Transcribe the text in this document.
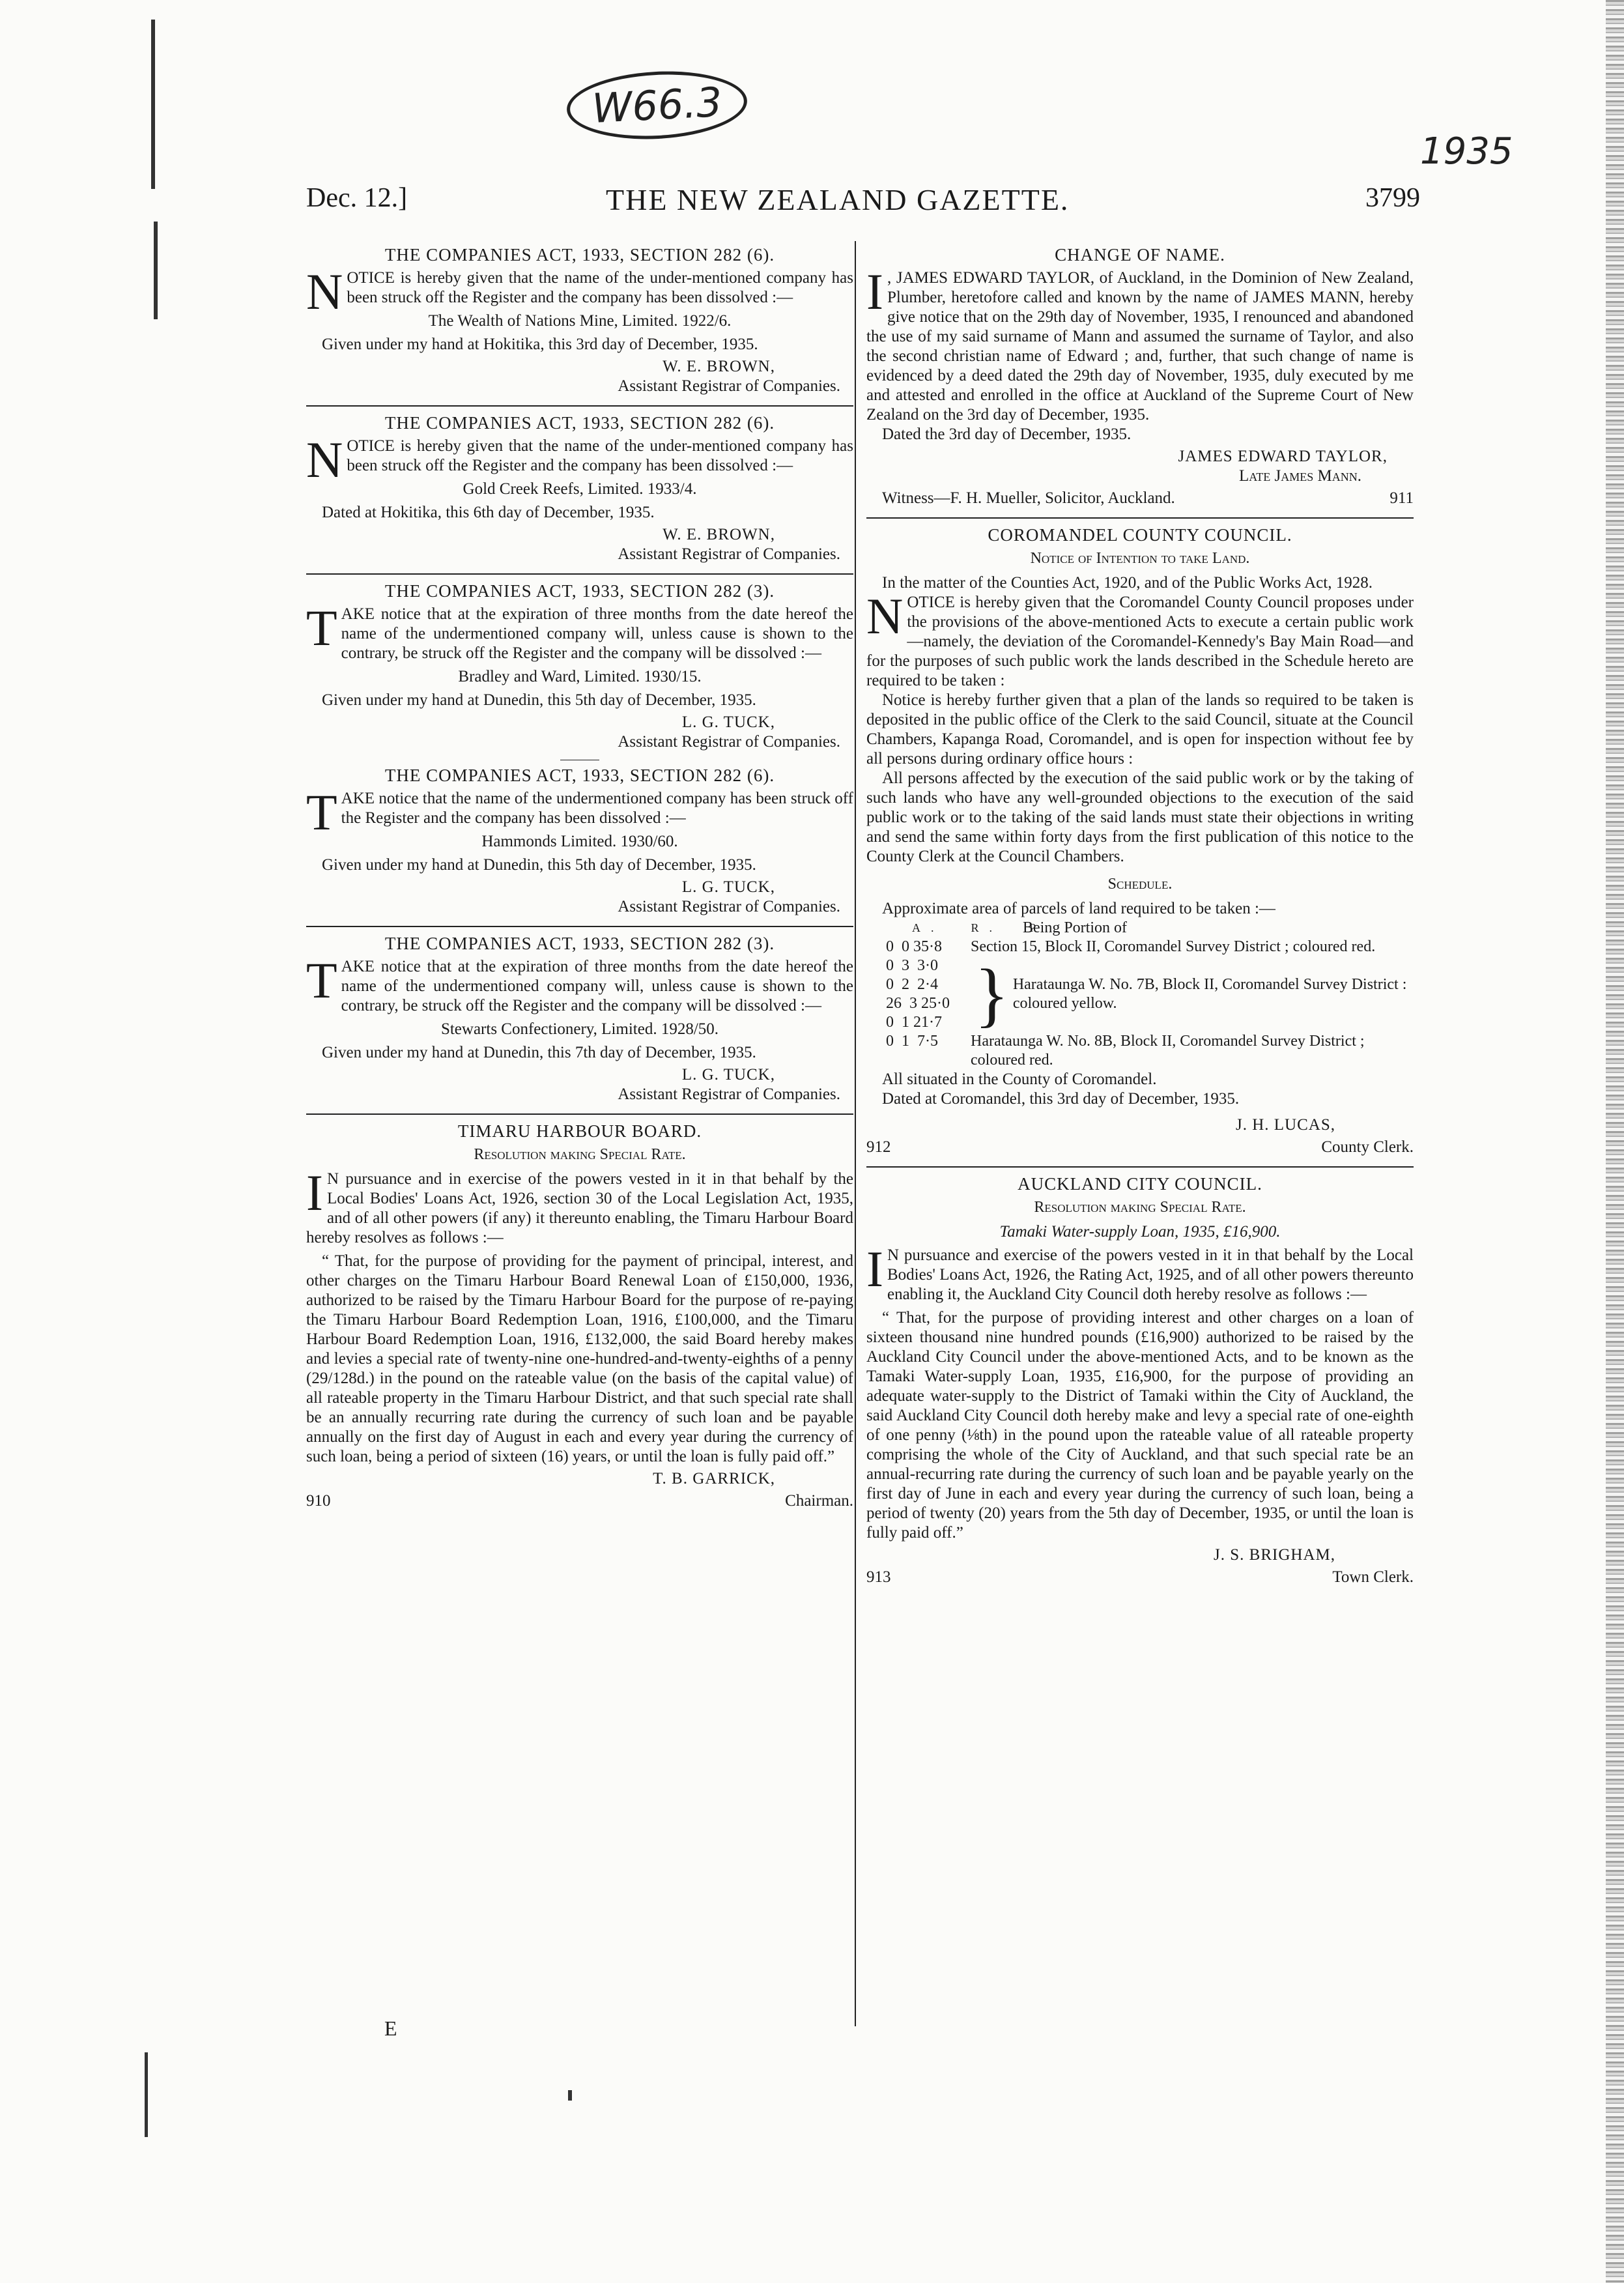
W66.3
1935
Dec. 12.]	THE NEW ZEALAND GAZETTE.	3799
THE COMPANIES ACT, 1933, SECTION 282 (6).

NOTICE is hereby given that the name of the under-mentioned company has been struck off the Register and the company has been dissolved :—

The Wealth of Nations Mine, Limited. 1922/6.

Given under my hand at Hokitika, this 3rd day of December, 1935.

W. E. BROWN,
Assistant Registrar of Companies.
THE COMPANIES ACT, 1933, SECTION 282 (6).

NOTICE is hereby given that the name of the under-mentioned company has been struck off the Register and the company has been dissolved :—

Gold Creek Reefs, Limited. 1933/4.

Dated at Hokitika, this 6th day of December, 1935.

W. E. BROWN,
Assistant Registrar of Companies.
THE COMPANIES ACT, 1933, SECTION 282 (3).

TAKE notice that at the expiration of three months from the date hereof the name of the undermentioned company will, unless cause is shown to the contrary, be struck off the Register and the company will be dissolved :—

Bradley and Ward, Limited. 1930/15.

Given under my hand at Dunedin, this 5th day of December, 1935.

L. G. TUCK,
Assistant Registrar of Companies.
THE COMPANIES ACT, 1933, SECTION 282 (6).

TAKE notice that the name of the undermentioned company has been struck off the Register and the company has been dissolved :—

Hammonds Limited. 1930/60.

Given under my hand at Dunedin, this 5th day of December, 1935.

L. G. TUCK,
Assistant Registrar of Companies.
THE COMPANIES ACT, 1933, SECTION 282 (3).

TAKE notice that at the expiration of three months from the date hereof the name of the undermentioned company will, unless cause is shown to the contrary, be struck off the Register and the company will be dissolved :—

Stewarts Confectionery, Limited. 1928/50.

Given under my hand at Dunedin, this 7th day of December, 1935.

L. G. TUCK,
Assistant Registrar of Companies.
TIMARU HARBOUR BOARD.
Resolution making Special Rate.

I N pursuance and in exercise of the powers vested in it in that behalf by the Local Bodies' Loans Act, 1926, section 30 of the Local Legislation Act, 1935, and of all other powers (if any) it thereunto enabling, the Timaru Harbour Board hereby resolves as follows :—

“ That, for the purpose of providing for the payment of principal, interest, and other charges on the Timaru Harbour Board Renewal Loan of £150,000, 1936, authorized to be raised by the Timaru Harbour Board for the purpose of re-paying the Timaru Harbour Board Redemption Loan, 1916, £100,000, and the Timaru Harbour Board Redemption Loan, 1916, £132,000, the said Board hereby makes and levies a special rate of twenty-nine one-hundred-and-twenty-eighths of a penny (29/128d.) in the pound on the rateable value (on the basis of the capital value) of all rateable property in the Timaru Harbour District, and that such special rate shall be an annually recurring rate during the currency of such loan and be payable annually on the first day of August in each and every year during the currency of such loan, being a period of sixteen (16) years, or until the loan is fully paid off.”

T. B. GARRICK,
910	Chairman.
E
CHANGE OF NAME.

I , JAMES EDWARD TAYLOR, of Auckland, in the Dominion of New Zealand, Plumber, heretofore called and known by the name of JAMES MANN, hereby give notice that on the 29th day of November, 1935, I renounced and abandoned the use of my said surname of Mann and assumed the surname of Taylor, and also the second christian name of Edward ; and, further, that such change of name is evidenced by a deed dated the 29th day of November, 1935, duly executed by me and attested and enrolled in the office at Auckland of the Supreme Court of New Zealand on the 3rd day of December, 1935.

Dated the 3rd day of December, 1935.

JAMES EDWARD TAYLOR,
Late James Mann.
Witness—F. H. Mueller, Solicitor, Auckland.	911
COROMANDEL COUNTY COUNCIL.
Notice of Intention to take Land.

In the matter of the Counties Act, 1920, and of the Public Works Act, 1928.

NOTICE is hereby given that the Coromandel County Council proposes under the provisions of the above-mentioned Acts to execute a certain public work—namely, the deviation of the Coromandel-Kennedy's Bay Main Road—and for the purposes of such public work the lands described in the Schedule hereto are required to be taken :

Notice is hereby further given that a plan of the lands so required to be taken is deposited in the public office of the Clerk to the said Council, situate at the Council Chambers, Kapanga Road, Coromandel, and is open for inspection without fee by all persons during ordinary office hours :

All persons affected by the execution of the said public work or by the taking of such lands who have any well-grounded objections to the execution of the said public work or to the taking of the said lands must state their objections in writing and send the same within forty days from the first publication of this notice to the County Clerk at the Council Chambers.

Schedule.

Approximate area of parcels of land required to be taken :—

A.  R.  P.
Being Portion of
0  0 35·8	Section 15, Block II, Coromandel Survey District ; coloured red.
0  3  3·0
0  2  2·4
26  3 25·0
0  1 21·7 } Harataunga W. No. 7B, Block II, Coromandel Survey District : coloured yellow.
0  1  7·5	Harataunga W. No. 8B, Block II, Coromandel Survey District ; coloured red.

All situated in the County of Coromandel.

Dated at Coromandel, this 3rd day of December, 1935.

J. H. LUCAS,
912	County Clerk.
AUCKLAND CITY COUNCIL.
Resolution making Special Rate.
Tamaki Water-supply Loan, 1935, £16,900.

I N pursuance and exercise of the powers vested in it in that behalf by the Local Bodies' Loans Act, 1926, the Rating Act, 1925, and of all other powers thereunto enabling it, the Auckland City Council doth hereby resolve as follows :—

“ That, for the purpose of providing interest and other charges on a loan of sixteen thousand nine hundred pounds (£16,900) authorized to be raised by the Auckland City Council under the above-mentioned Acts, and to be known as the Tamaki Water-supply Loan, 1935, £16,900, for the purpose of providing an adequate water-supply to the District of Tamaki within the City of Auckland, the said Auckland City Council doth hereby make and levy a special rate of one-eighth of one penny (⅛th) in the pound upon the rateable value of all rateable property comprising the whole of the City of Auckland, and that such special rate be an annual-recurring rate during the currency of such loan and be payable yearly on the first day of June in each and every year during the currency of such loan, being a period of twenty (20) years from the 5th day of December, 1935, or until the loan is fully paid off.”

J. S. BRIGHAM,
913	Town Clerk.
